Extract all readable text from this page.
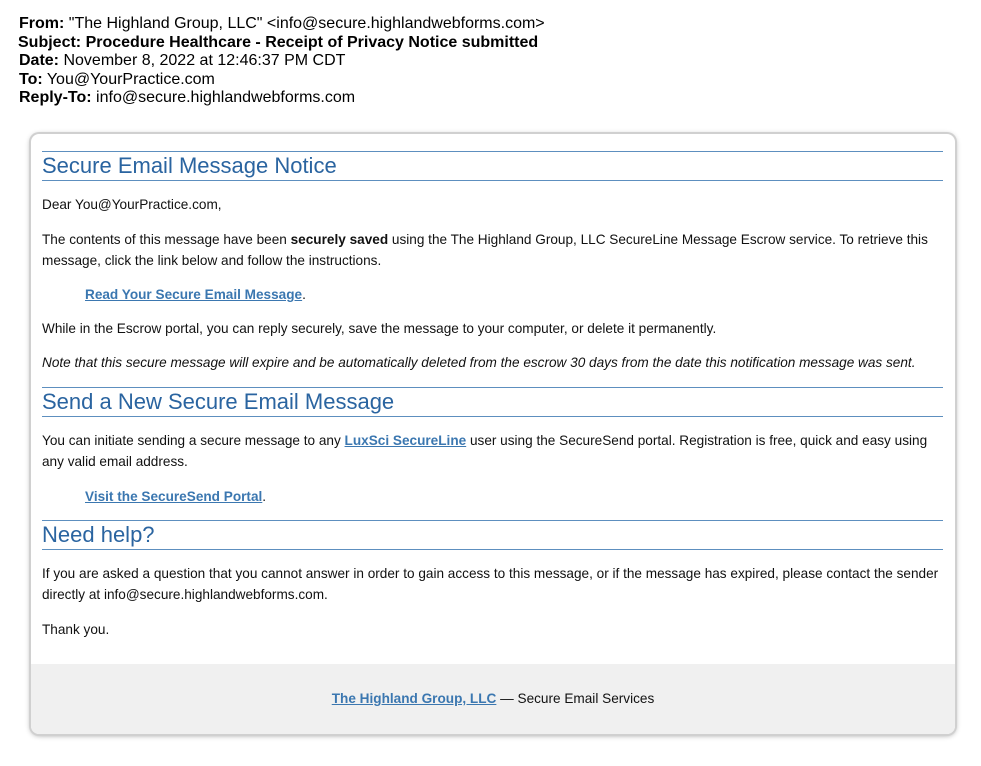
From: "The Highland Group, LLC" <info@secure.highlandwebforms.com>
Subject: Procedure Healthcare - Receipt of Privacy Notice submitted
Date: November 8, 2022 at 12:46:37 PM CDT
To: You@YourPractice.com
Reply-To: info@secure.highlandwebforms.com
Secure Email Message Notice
Dear You@YourPractice.com,
The contents of this message have been securely saved using the The Highland Group, LLC SecureLine Message Escrow service. To retrieve this message, click the link below and follow the instructions.
Read Your Secure Email Message.
While in the Escrow portal, you can reply securely, save the message to your computer, or delete it permanently.
Note that this secure message will expire and be automatically deleted from the escrow 30 days from the date this notification message was sent.
Send a New Secure Email Message
You can initiate sending a secure message to any LuxSci SecureLine user using the SecureSend portal. Registration is free, quick and easy using any valid email address.
Visit the SecureSend Portal.
Need help?
If you are asked a question that you cannot answer in order to gain access to this message, or if the message has expired, please contact the sender directly at info@secure.highlandwebforms.com.
Thank you.
The Highland Group, LLC — Secure Email Services
